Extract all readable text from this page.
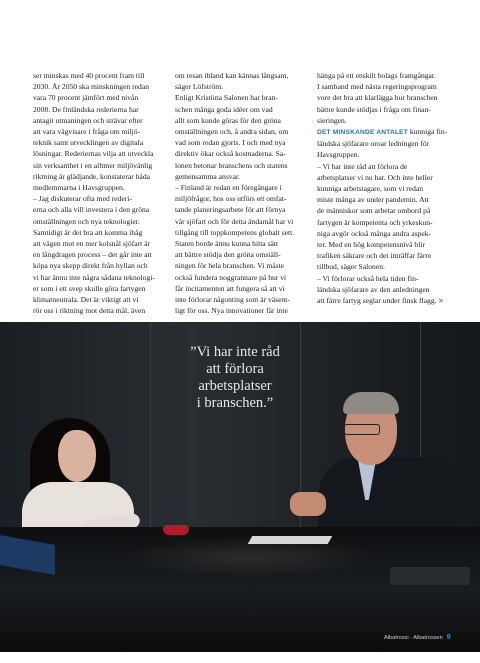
ser minskas med 40 procent fram till
2030. År 2050 ska minskningen redan
vara 70 procent jämfört med nivån
2008. De finländska rederierna har
antagit utmaningen och strävar efter
att vara vägvisare i fråga om miljö-
teknik samt utvecklingen av digitala
lösningar. Rederiernas vilja att utveckla
sin verksamhet i en alltmer miljövänlig
riktning är glädjande, konstaterar båda
medlemmarna i Havsgruppen.
– Jag diskuterar ofta med rederi-
erna och alla vill investera i den gröna
omställningen och nya teknologier.
Samtidigt är det bra att komma ihåg
att vägen mot en mer kolsnål sjöfart är
en långdragen process – det går inte att
köpa nya skepp direkt från hyllan och
vi har ännu inte några sådana teknologi-
er som i ett svep skulle göra fartygen
klimatneutrala. Det är viktigt att vi
rör oss i riktning mot detta mål, även

om resan ibland kan kännas långsam,
säger Löfström.
Enligt Kristiina Salonen har bran-
schen många goda idéer om vad
allt som kunde göras för den gröna
omställningen och, å andra sidan, om
vad som redan gjorts. I och med nya
direktiv ökar också kostnaderna. Sa-
lonen betonar branschens och statens
gemensamma ansvar.
– Finland är redan en föregångare i
miljöfrågor, hos oss utförs ett omfat-
tande planeringsarbete för att förnya
vår sjöfart och för detta ändamål har vi
tillgång till toppkompetens globalt sett.
Staten borde ännu kunna hitta sätt
att bättre stödja den gröna omställ-
ningen för hela branschen. Vi måste
också fundera noggrannare på hur vi
får incitamenten att fungera så att vi
inte förlorar någonting som är väsent-
ligt för oss. Nya innovationer får inte

hänga på ett enskilt bolags framgångar.
I samband med nästa regeringsprogram
vore det bra att klarlägga hur branschen
bättre kunde stödjas i fråga om finan-
sieringen.

DET MINSKANDE ANTALET kunniga fin-
ländska sjöfarare oroar ledningen för
Havsgruppen.
– Vi har inte råd att förlora de
arbetsplatser vi nu har. Och inte heller
kunniga arbetstagare, som vi redan
miste många av under pandemin. Att
de människor som arbetar ombord på
fartygen är kompetenta och yrkeskun-
niga avgör också många andra aspek-
ter. Med en hög kompetensnivå blir
trafiken säkrare och det inträffar färre
tillbud, säger Salonen.
– Vi förlorar också hela tiden fin-
ländska sjöfarare av den anledningen
att färre fartyg seglar under finsk flagg. >

”Vi har inte råd
att förlora
arbetsplatser
i branschen.”
Albatrossi · Albatrossen 9
